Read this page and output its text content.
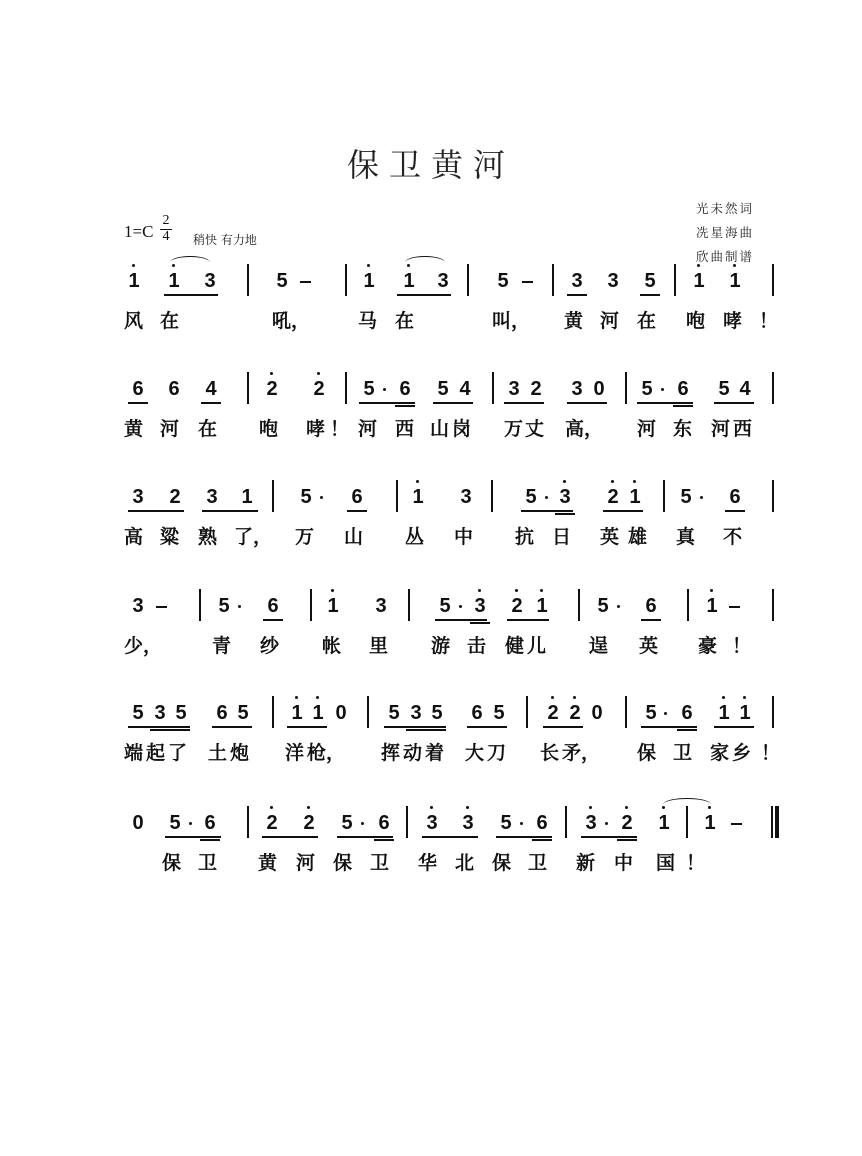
保卫黄河
光未然词
冼星海曲
欣曲制谱
1=C
2
4 稍快 有力地
1 1 3	5	1 1 3 5	3 3 5 1 1
风 在	吼，	马 在	叫， 黄 河 在 咆 哮 ！
6 6 4 2 2 5 6 5 4 3 2 3 0 5 6 5 4
黄 河 在 咆 哮 ！ 河 西 山 岗 万 丈 高， 河 东 河 西
3 2 3 1 5 6 1 3	5 3 2 1 5 6
高 粱 熟 了， 万 山 丛 中 抗 日 英 雄 真 不
3	5 6 1 3	5 3 2 1 5 6 1
少，	青 纱 帐 里 游 击 健 儿 逞 英 豪 ！
5 3 5 6 5 1 1 0 5 3 5 6 5 2 2 0 5 6 1 1
端 起 了 土 炮 洋 枪， 挥 动 着 大 刀 长 矛， 保 卫 家 乡 ！
0 5 6	2 2 5 6 3 3 5 6 3 2 1 1
保 卫 黄 河 保 卫 华 北 保 卫 新 中 国 ！
